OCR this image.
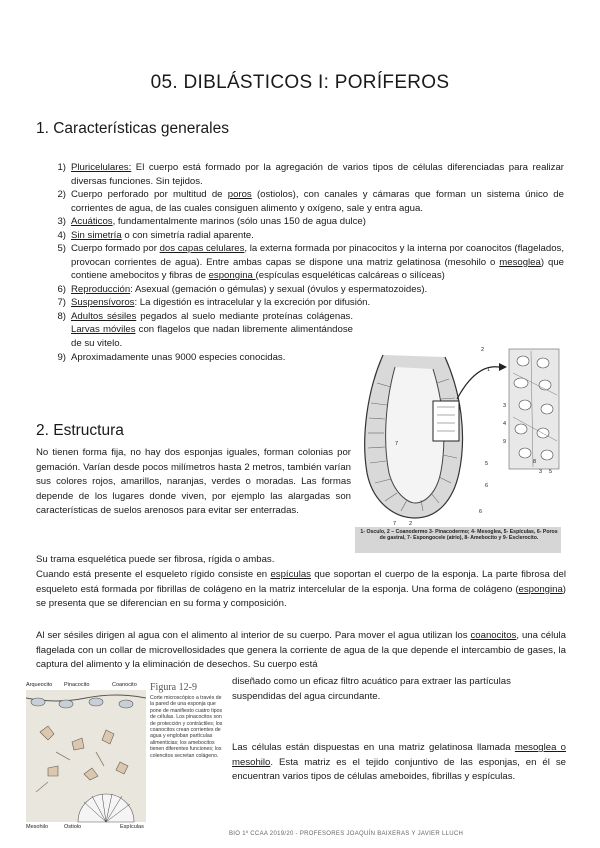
05. DIBLÁSTICOS I: PORÍFEROS
1. Características generales
1) Pluricelulares: El cuerpo está formado por la agregación de varios tipos de células diferenciadas para realizar diversas funciones. Sin tejidos.
2) Cuerpo perforado por multitud de poros (ostiolos), con canales y cámaras que forman un sistema único de corrientes de agua, de las cuales consiguen alimento y oxígeno, sale y entra agua.
3) Acuáticos, fundamentalmente marinos (sólo unas 150 de agua dulce)
4) Sin simetría o con simetría radial aparente.
5) Cuerpo formado por dos capas celulares, la externa formada por pinacocitos y la interna por coanocitos (flagelados, provocan corrientes de agua). Entre ambas capas se dispone una matriz gelatinosa (mesohilo o mesoglea) que contiene amebocitos y fibras de espongina (espículas esqueléticas calcáreas o silíceas)
6) Reproducción: Asexual (gemación o gémulas) y sexual (óvulos y espermatozoides).
7) Suspensívoros: La digestión es intracelular y la excreción por difusión.
8) Adultos sésiles pegados al suelo mediante proteínas colágenas. Larvas móviles con flagelos que nadan libremente alimentándose de su vitelo.
9) Aproximadamente unas 9000 especies conocidas.
2. Estructura

No tienen forma fija, no hay dos esponjas iguales, forman colonias por gemación. Varían desde pocos milímetros hasta 2 metros, también varían sus colores rojos, amarillos, naranjas, verdes o moradas. Las formas depende de los lugares donde viven, por ejemplo las alargadas son características de suelos arenosos para evitar ser enterradas.

2
1
3
4
9
8
3 5
7
5
6
2
6
7
1- Osculo, 2 – Coanodermo 3- Pinacodermo; 4- Mesoglea, 5- Espículas, 6- Poros de gastral, 7- Espongocele (atrio), 8- Amebocito y 9- Esclerocito.

Su trama esquelética puede ser fibrosa, rígida o ambas.

Cuando está presente el esqueleto rígido consiste en espículas que soportan el cuerpo de la esponja. La parte fibrosa del esqueleto está formada por fibrillas de colágeno en la matriz intercelular de la esponja. Una forma de colágeno (espongina) se presenta que se diferencian en su forma y composición.

Al ser sésiles dirigen al agua con el alimento al interior de su cuerpo. Para mover el agua utilizan los coanocitos, una célula flagelada con un collar de microvellosidades que genera la corriente de agua de la que depende el intercambio de gases, la captura del alimento y la eliminación de desechos. Su cuerpo está

diseñado como un eficaz filtro acuático para extraer las partículas suspendidas del agua circundante.

Arqueocito Pinacocito	Coanocito
Mesohilo	Ostiolo	Espículas
Figura 12-9
Corte microscópico a través de la pared de una esponja que pone de manifiesto cuatro tipos de células. Los pinacocitos son de protección y contráctiles; los coanocitos crean corrientes de agua y engloban partículas alimenticias; los amebocitos tienen diferentes funciones; los colencitos secretan colágeno.

Las células están dispuestas en una matriz gelatinosa llamada mesoglea o mesohilo. Esta matriz es el tejido conjuntivo de las esponjas, en él se encuentran varios tipos de células ameboides, fibrillas y espículas.

BIO 1º CCAA 2019/20 - PROFESORES JOAQUÍN BAIXERAS Y JAVIER LLUCH
